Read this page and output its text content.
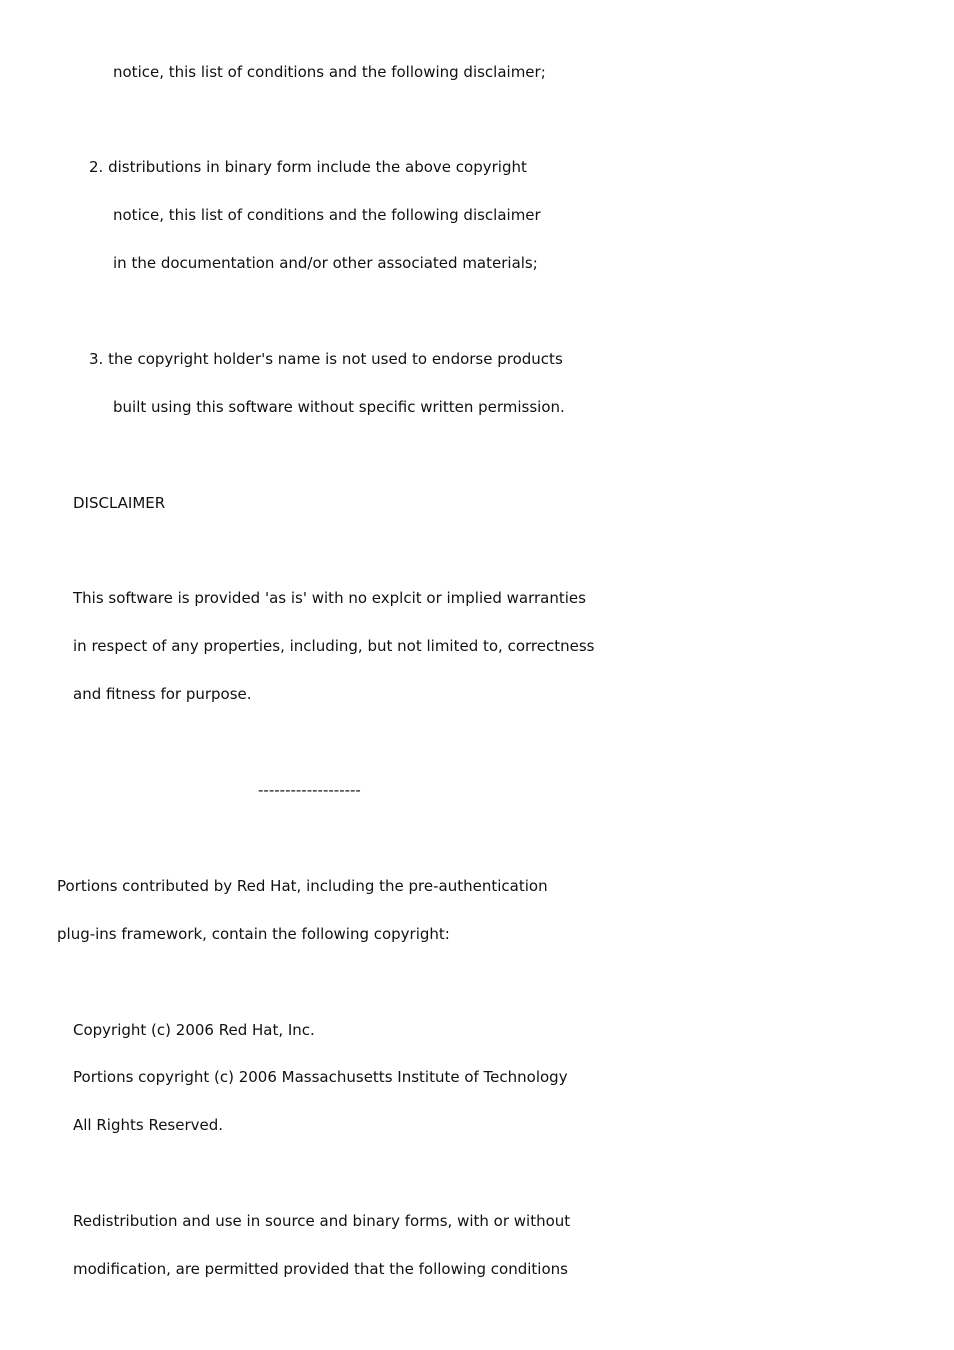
notice, this list of conditions and the following disclaimer;
2. distributions in binary form include the above copyright
notice, this list of conditions and the following disclaimer
in the documentation and/or other associated materials;
3. the copyright holder's name is not used to endorse products
built using this software without specific written permission.
DISCLAIMER
This software is provided 'as is' with no explcit or implied warranties
in respect of any properties, including, but not limited to, correctness
and fitness for purpose.
-------------------
Portions contributed by Red Hat, including the pre-authentication
plug-ins framework, contain the following copyright:
Copyright (c) 2006 Red Hat, Inc.
Portions copyright (c) 2006 Massachusetts Institute of Technology
All Rights Reserved.
Redistribution and use in source and binary forms, with or without
modification, are permitted provided that the following conditions
